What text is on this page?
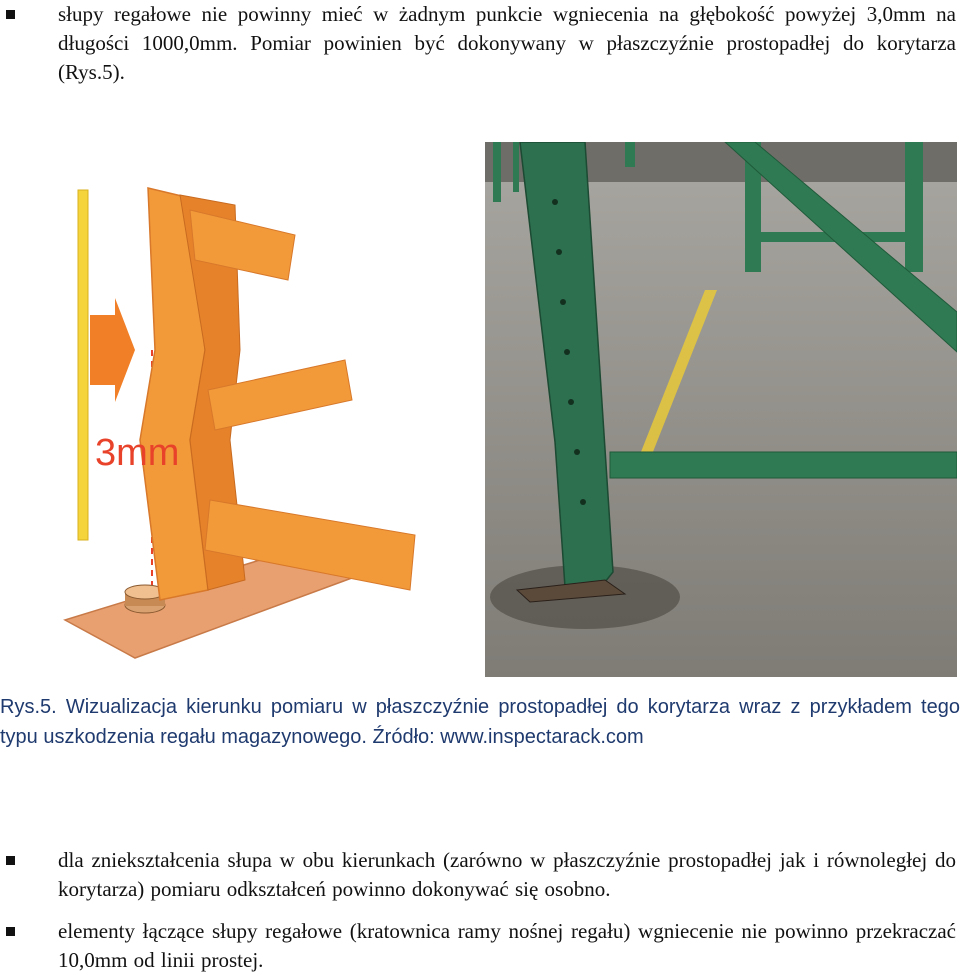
słupy regałowe nie powinny mieć w żadnym punkcie wgniecenia na głębokość powyżej 3,0mm na długości 1000,0mm. Pomiar powinien być dokonywany w płaszczyźnie prostopadłej do korytarza (Rys.5).
3mm
Rys.5. Wizualizacja kierunku pomiaru w płaszczyźnie prostopadłej do korytarza wraz z przykładem tego typu uszkodzenia regału magazynowego. Źródło: www.inspectarack.com
dla zniekształcenia słupa w obu kierunkach (zarówno w płaszczyźnie prostopadłej jak i równoległej do korytarza) pomiaru odkształceń powinno dokonywać się osobno.
elementy łączące słupy regałowe (kratownica ramy nośnej regału) wgniecenie nie powinno przekraczać 10,0mm od linii prostej.
